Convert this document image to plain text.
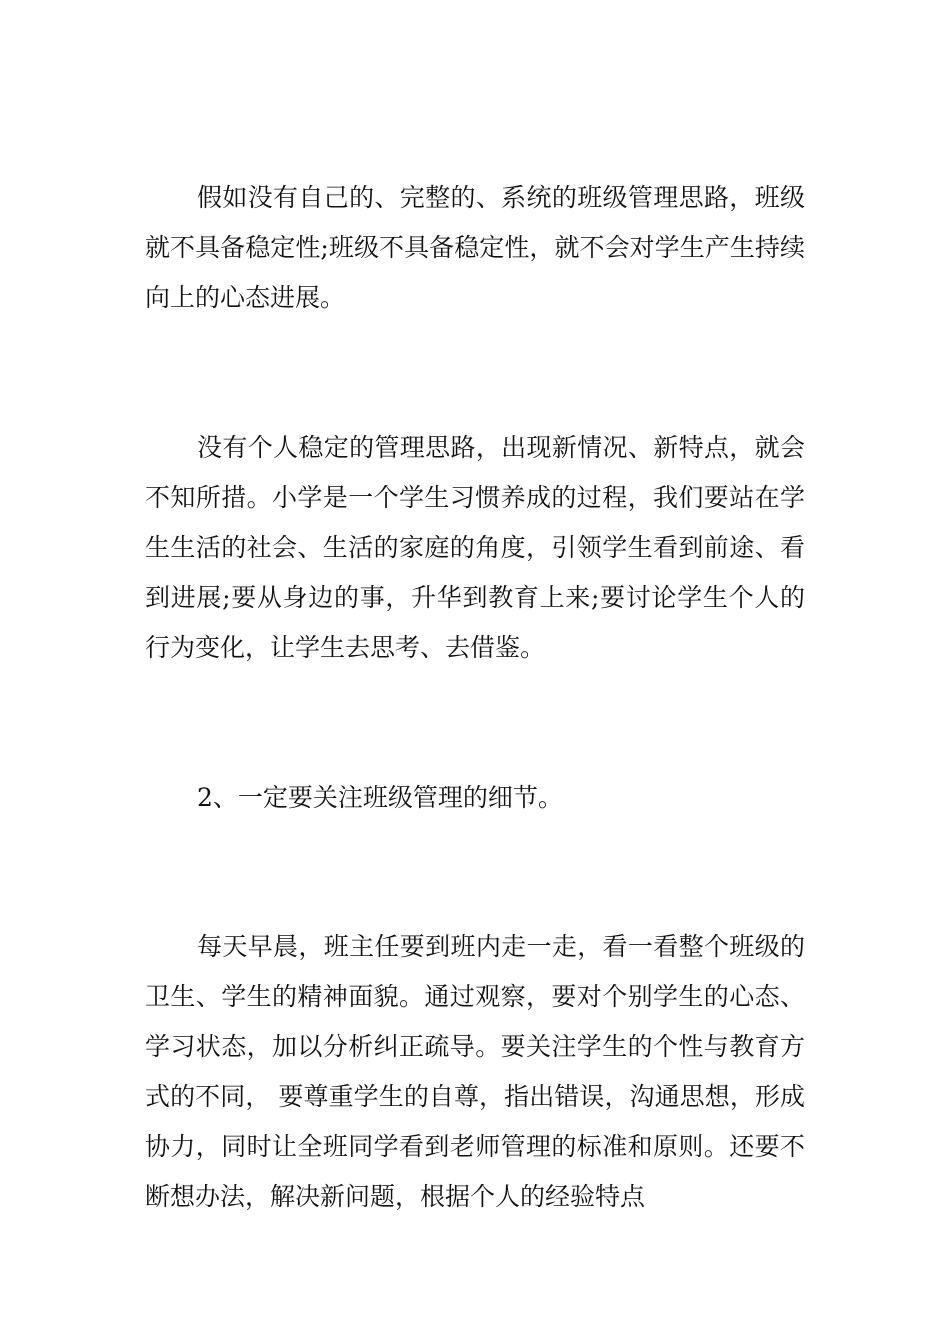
假如没有自己的、完整的、系统的班级管理思路，班级就不具备稳定性;班级不具备稳定性，就不会对学生产生持续向上的心态进展。

没有个人稳定的管理思路，出现新情况、新特点，就会不知所措。小学是一个学生习惯养成的过程，我们要站在学生生活的社会、生活的家庭的角度，引领学生看到前途、看到进展;要从身边的事，升华到教育上来;要讨论学生个人的行为变化，让学生去思考、去借鉴。

2、一定要关注班级管理的细节。

每天早晨，班主任要到班内走一走，看一看整个班级的卫生、学生的精神面貌。通过观察，要对个别学生的心态、学习状态，加以分析纠正疏导。要关注学生的个性与教育方式的不同， 要尊重学生的自尊，指出错误，沟通思想，形成协力，同时让全班同学看到老师管理的标准和原则。还要不断想办法，解决新问题，根据个人的经验特点
